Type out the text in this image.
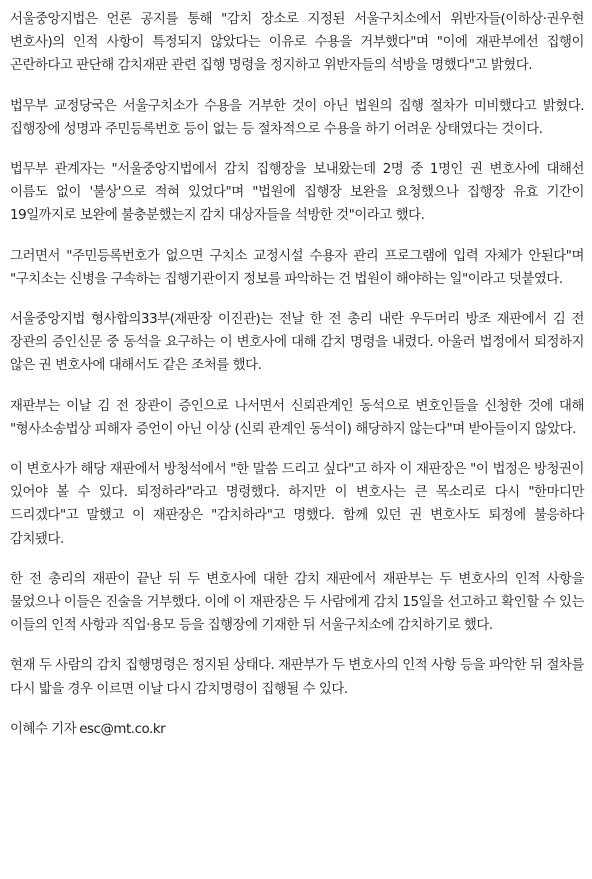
서울중앙지법은 언론 공지를 통해 "감치 장소로 지정된 서울구치소에서 위반자들(이하상·권우현 변호사)의 인적 사항이 특정되지 않았다는 이유로 수용을 거부했다"며 "이에 재판부에선 집행이 곤란하다고 판단해 감치재판 관련 집행 명령을 정지하고 위반자들의 석방을 명했다"고 밝혔다.

법무부 교정당국은 서울구치소가 수용을 거부한 것이 아닌 법원의 집행 절차가 미비했다고 밝혔다. 집행장에 성명과 주민등록번호 등이 없는 등 절차적으로 수용을 하기 어려운 상태였다는 것이다.

법무부 관계자는 "서울중앙지법에서 감치 집행장을 보내왔는데 2명 중 1명인 권 변호사에 대해선 이름도 없이 '불상'으로 적혀 있었다"며 "법원에 집행장 보완을 요청했으나 집행장 유효 기간이 19일까지로 보완에 불충분했는지 감치 대상자들을 석방한 것"이라고 했다.

그러면서 "주민등록번호가 없으면 구치소 교정시설 수용자 관리 프로그램에 입력 자체가 안된다"며 "구치소는 신병을 구속하는 집행기관이지 정보를 파악하는 건 법원이 해야하는 일"이라고 덧붙였다.

서울중앙지법 형사합의33부(재판장 이진관)는 전날 한 전 총리 내란 우두머리 방조 재판에서 김 전 장관의 증인신문 중 동석을 요구하는 이 변호사에 대해 감치 명령을 내렸다. 아울러 법정에서 퇴정하지 않은 권 변호사에 대해서도 같은 조처를 했다.

재판부는 이날 김 전 장관이 증인으로 나서면서 신뢰관계인 동석으로 변호인들을 신청한 것에 대해 "형사소송법상 피해자 증언이 아닌 이상 (신뢰 관계인 동석이) 해당하지 않는다"며 받아들이지 않았다.

이 변호사가 해당 재판에서 방청석에서 "한 말씀 드리고 싶다"고 하자 이 재판장은 "이 법정은 방청권이 있어야 볼 수 있다. 퇴정하라"라고 명령했다. 하지만 이 변호사는 큰 목소리로 다시 "한마디만 드리겠다"고 말했고 이 재판장은 "감치하라"고 명했다. 함께 있던 권 변호사도 퇴정에 불응하다 감치됐다.

한 전 총리의 재판이 끝난 뒤 두 변호사에 대한 감치 재판에서 재판부는 두 변호사의 인적 사항을 물었으나 이들은 진술을 거부했다. 이에 이 재판장은 두 사람에게 감치 15일을 선고하고 확인할 수 있는 이들의 인적 사항과 직업·용모 등을 집행장에 기재한 뒤 서울구치소에 감치하기로 했다.

현재 두 사람의 감치 집행명령은 정지된 상태다. 재판부가 두 변호사의 인적 사항 등을 파악한 뒤 절차를 다시 밟을 경우 이르면 이날 다시 감치명령이 집행될 수 있다.

이혜수 기자 esc@mt.co.kr
